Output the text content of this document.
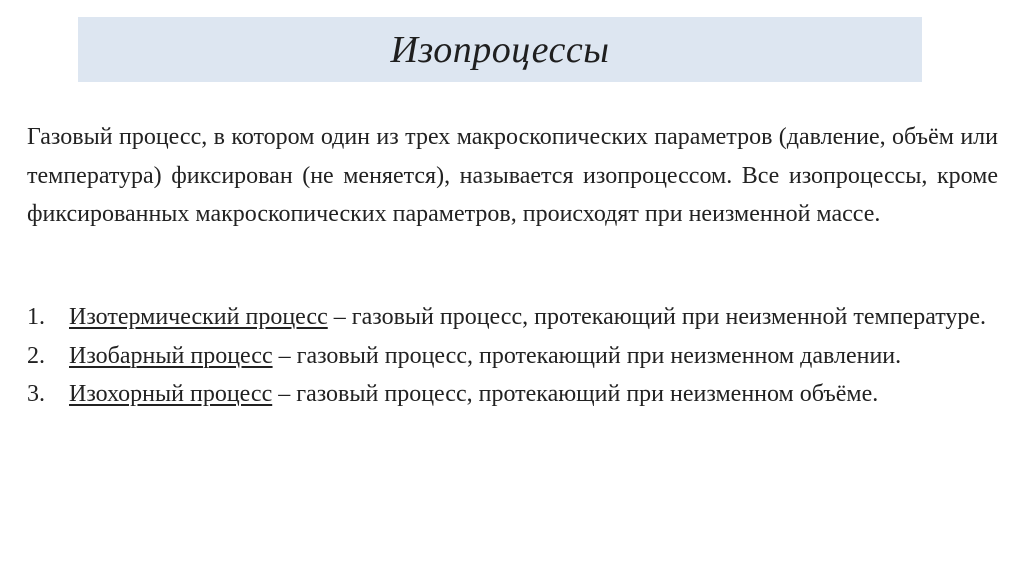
Изопроцессы

Газовый процесс, в котором один из трех макроскопических параметров (давление, объём или температура) фиксирован (не меняется), называется изопроцессом. Все изопроцессы, кроме фиксированных макроскопических параметров, происходят при неизменной массе.

1.	Изотермический процесс – газовый процесс, протекающий при неизменной температуре.
2.	Изобарный процесс – газовый процесс, протекающий при неизменном давлении.
3.	Изохорный процесс – газовый процесс, протекающий при неизменном объёме.
